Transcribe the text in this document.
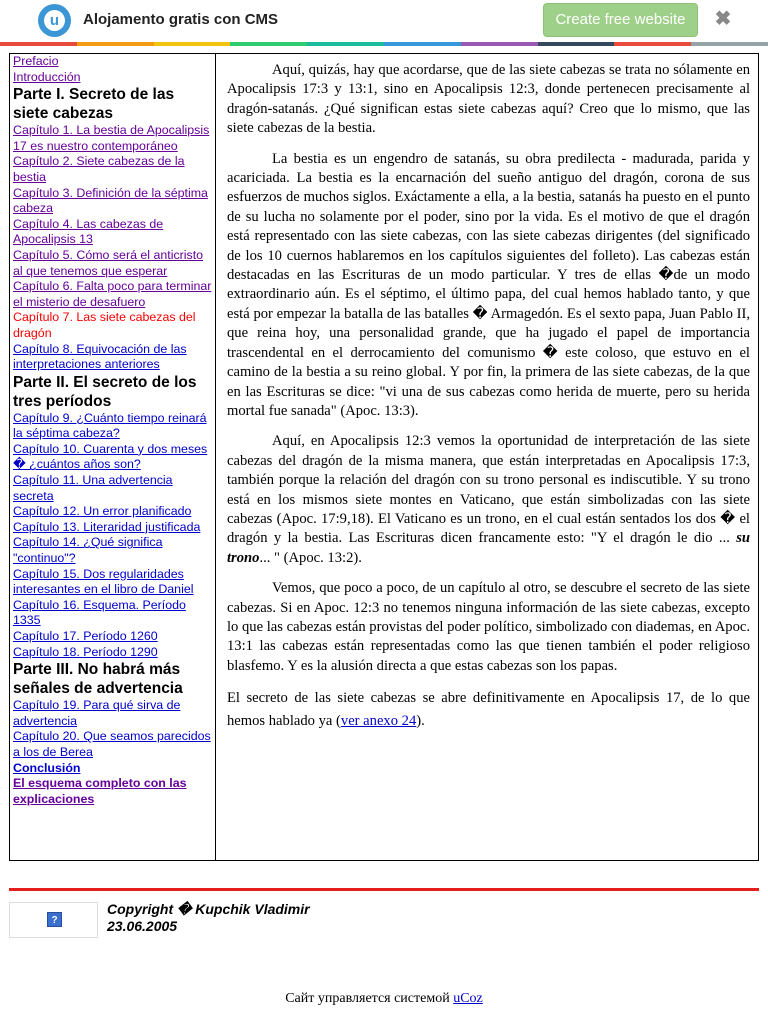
u	Alojamento gratis con CMS	Create free website	✖
Prefacio
Introducción
Parte I. Secreto de las siete cabezas
Capítulo 1. La bestia de Apocalipsis 17 es nuestro contemporáneo
Capítulo 2. Siete cabezas de la bestia
Capítulo 3. Definición de la séptima cabeza
Capítulo 4. Las cabezas de Apocalipsis 13
Capítulo 5. Cómo será el anticristo al que tenemos que esperar
Capítulo 6. Falta poco para terminar el misterio de desafuero
Capítulo 7. Las siete cabezas del dragón
Capítulo 8. Equivocación de las interpretaciones anteriores
Parte II. El secreto de los tres períodos
Capítulo 9. ¿Cuánto tiempo reinará la séptima cabeza?
Capítulo 10. Cuarenta y dos meses � ¿cuántos años son?
Capítulo 11. Una advertencia secreta
Capítulo 12. Un error planificado
Capítulo 13. Literaridad justificada
Capítulo 14. ¿Qué significa "continuo"?
Capítulo 15. Dos regularidades interesantes en el libro de Daniel
Capítulo 16. Esquema. Período 1335
Capítulo 17. Período 1260
Capítulo 18. Período 1290
Parte III. No habrá más señales de advertencia
Capítulo 19. Para qué sirva de advertencia
Capítulo 20. Que seamos parecidos a los de Berea
Conclusión
El esquema completo con las explicaciones

Aquí, quizás, hay que acordarse, que de las siete cabezas se trata no sólamente en Apocalipsis 17:3 y 13:1, sino en Apocalipsis 12:3, donde pertenecen precisamente al dragón-satanás. ¿Qué significan estas siete cabezas aquí? Creo que lo mismo, que las siete cabezas de la bestia.

La bestia es un engendro de satanás, su obra predilecta - madurada, parida y acariciada. La bestia es la encarnación del sueño antiguo del dragón, corona de sus esfuerzos de muchos siglos. Exáctamente a ella, a la bestia, satanás ha puesto en el punto de su lucha no solamente por el poder, sino por la vida. Es el motivo de que el dragón está representado con las siete cabezas, con las siete cabezas dirigentes (del significado de los 10 cuernos hablaremos en los capítulos siguientes del folleto). Las cabezas están destacadas en las Escrituras de un modo particular. Y tres de ellas �de un modo extraordinario aún. Es el séptimo, el último papa, del cual hemos hablado tanto, y que está por empezar la batalla de las batalles � Armagedón. Es el sexto papa, Juan Pablo II, que reina hoy, una personalidad grande, que ha jugado el papel de importancia trascendental en el derrocamiento del comunismo � este coloso, que estuvo en el camino de la bestia a su reino global. Y por fin, la primera de las siete cabezas, de la que en las Escrituras se dice: "vi una de sus cabezas como herida de muerte, pero su herida mortal fue sanada" (Apoc. 13:3).

Aquí, en Apocalipsis 12:3 vemos la oportunidad de interpretación de las siete cabezas del dragón de la misma manera, que están interpretadas en Apocalipsis 17:3, también porque la relación del dragón con su trono personal es indiscutible. Y su trono está en los mismos siete montes en Vaticano, que están simbolizadas con las siete cabezas (Apoc. 17:9,18). El Vaticano es un trono, en el cual están sentados los dos � el dragón y la bestia. Las Escrituras dicen francamente esto: "Y el dragón le dio ... su trono... " (Apoc. 13:2).

Vemos, que poco a poco, de un capítulo al otro, se descubre el secreto de las siete cabezas. Si en Apoc. 12:3 no tenemos ninguna información de las siete cabezas, excepto lo que las cabezas están provistas del poder político, simbolizado con diademas, en Apoc. 13:1 las cabezas están representadas como las que tienen también el poder religioso blasfemo. Y es la alusión directa a que estas cabezas son los papas.

El secreto de las siete cabezas se abre definitivamente en Apocalipsis 17, de lo que hemos hablado ya (ver anexo 24).

?
Copyright � Kupchik Vladimir
23.06.2005
Сайт управляется системой uCoz
